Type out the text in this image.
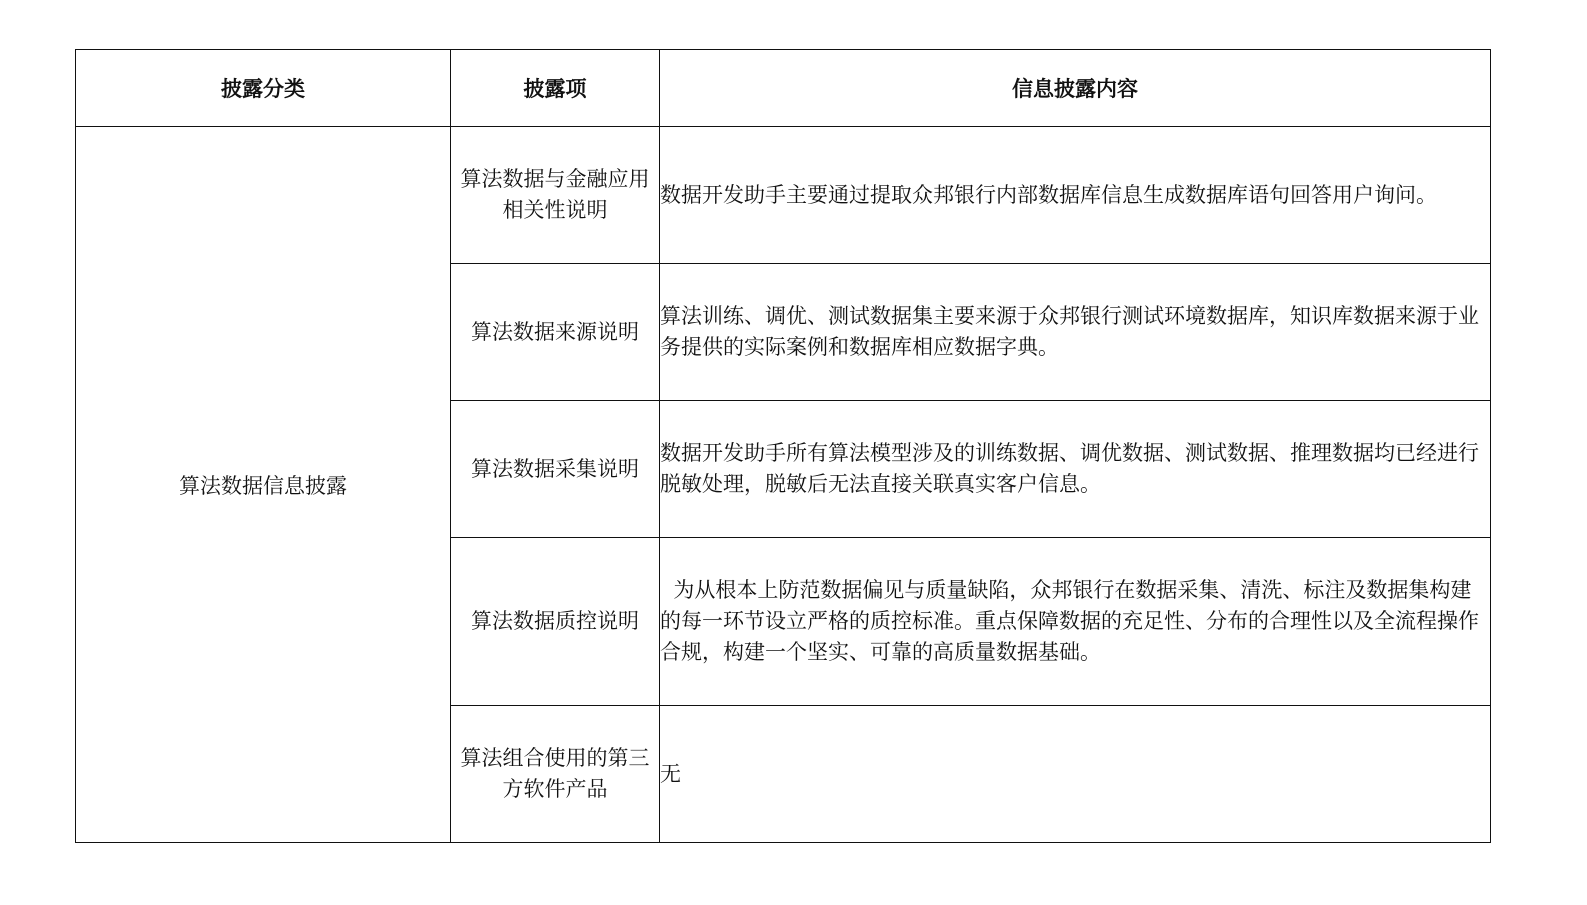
披露分类	披露项	信息披露内容
算法数据信息披露	算法数据与金融应用相关性说明	数据开发助手主要通过提取众邦银行内部数据库信息生成数据库语句回答用户询问。
	算法数据来源说明	算法训练、调优、测试数据集主要来源于众邦银行测试环境数据库，知识库数据来源于业务提供的实际案例和数据库相应数据字典。
	算法数据采集说明	数据开发助手所有算法模型涉及的训练数据、调优数据、测试数据、推理数据均已经进行脱敏处理，脱敏后无法直接关联真实客户信息。
	算法数据质控说明	为从根本上防范数据偏见与质量缺陷，众邦银行在数据采集、清洗、标注及数据集构建的每一环节设立严格的质控标准。重点保障数据的充足性、分布的合理性以及全流程操作合规，构建一个坚实、可靠的高质量数据基础。
	算法组合使用的第三方软件产品	无
